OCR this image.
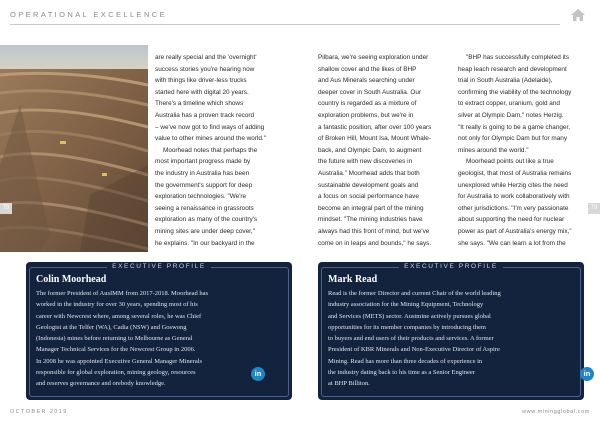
OPERATIONAL EXCELLENCE

are really special and the 'overnight'

success stories you're hearing now

with things like driver-less trucks

started here with digital 20 years.

There's a timeline which shows

Australia has a proven track record

– we've now got to find ways of adding

value to other mines around the world."

Moorhead notes that perhaps the

most important progress made by

the industry in Australia has been

the government's support for deep

exploration technologies. "We're

seeing a renaissance in grassroots

exploration as many of the country's

mining sites are under deep cover,"

he explains. "In our backyard in the

Pilbara, we're seeing exploration under

shallow cover and the likes of BHP

and Aus Minerals searching under

deeper cover in South Australia. Our

country is regarded as a mixture of

exploration problems, but we're in

a fantastic position, after over 100 years

of Broken Hill, Mount Isa, Mount Whale-

back, and Olympic Dam, to augment

the future with new discoveries in

Australia." Moorhead adds that both

sustainable development goals and

a focus on social performance have

become an integral part of the mining

mindset. "The mining industries have

always had this front of mind, but we've

come on in leaps and bounds," he says.

"BHP has successfully completed its

heap leach research and development

trial in South Australia (Adelaide),

confirming the viability of the technology

to extract copper, uranium, gold and

silver at Olympic Dam," notes Herzig.

"It really is going to be a game changer,

not only for Olympic Dam but for many

mines around the world."

Moorhead points out like a true

geologist, that most of Australia remains

unexplored while Herzig cites the need

for Australia to work collaboratively with

other jurisdictions. "I'm very passionate

about supporting the need for nuclear

power as part of Australia's energy mix,"

she says. "We can learn a lot from the

78	79
EXECUTIVE PROFILE
Colin Moorhead

The former President of AusIMM from 2017-2018. Moorhead has

worked in the industry for over 30 years, spending most of his

career with Newcrest where, among several roles, he was Chief

Geologist at the Telfer (WA), Cadia (NSW) and Goswong

(Indonesia) mines before returning to Melbourne as General

Manager Technical Services for the Newcrest Group in 2006.

In 2008 he was appointed Executive General Manager Minerals

responsible for global exploration, mining geology, resources

and reserves governance and orebody knowledge.

in
EXECUTIVE PROFILE
Mark Read

Read is the former Director and current Chair of the world leading

industry association for the Mining Equipment, Technology

and Services (METS) sector. Austmine actively pursues global

opportunities for its member companies by introducing them

to buyers and end users of their products and services. A former

President of KBR Minerals and Non-Executive Director of Aspire

Mining. Read has more than three decades of experience in

the industry dating back to his time as a Senior Engineer

at BHP Billiton.

in
OCTOBER 2019	www.miningglobal.com
